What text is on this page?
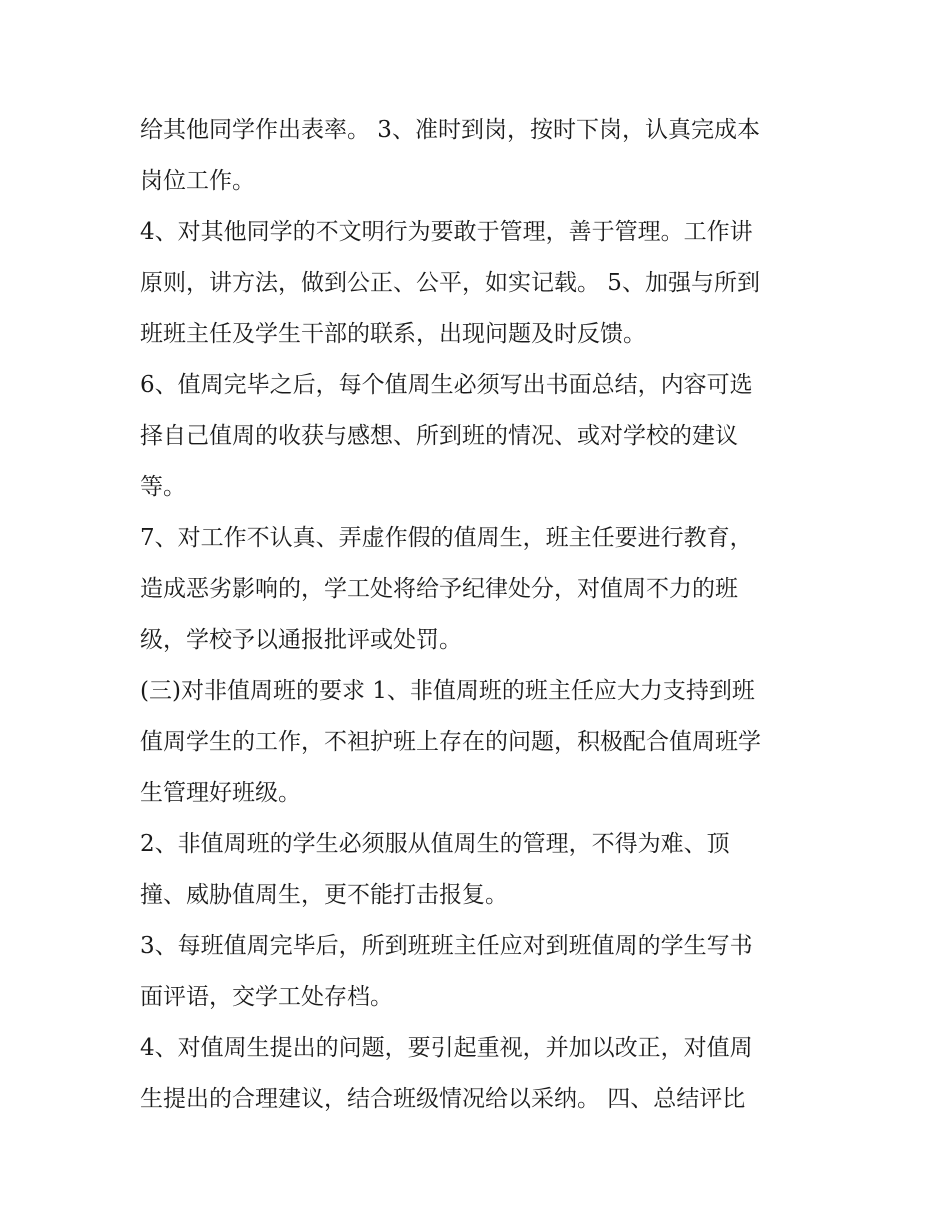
给其他同学作出表率。 3、准时到岗，按时下岗，认真完成本
岗位工作。
4、对其他同学的不文明行为要敢于管理，善于管理。工作讲
原则，讲方法，做到公正、公平，如实记载。 5、加强与所到
班班主任及学生干部的联系，出现问题及时反馈。
6、值周完毕之后，每个值周生必须写出书面总结，内容可选
择自己值周的收获与感想、所到班的情况、或对学校的建议
等。
7、对工作不认真、弄虚作假的值周生，班主任要进行教育，
造成恶劣影响的，学工处将给予纪律处分，对值周不力的班
级，学校予以通报批评或处罚。
(三)对非值周班的要求 1、非值周班的班主任应大力支持到班
值周学生的工作，不袒护班上存在的问题，积极配合值周班学
生管理好班级。
2、非值周班的学生必须服从值周生的管理，不得为难、顶
撞、威胁值周生，更不能打击报复。
3、每班值周完毕后，所到班班主任应对到班值周的学生写书
面评语，交学工处存档。
4、对值周生提出的问题，要引起重视，并加以改正，对值周
生提出的合理建议，结合班级情况给以采纳。 四、总结评比
